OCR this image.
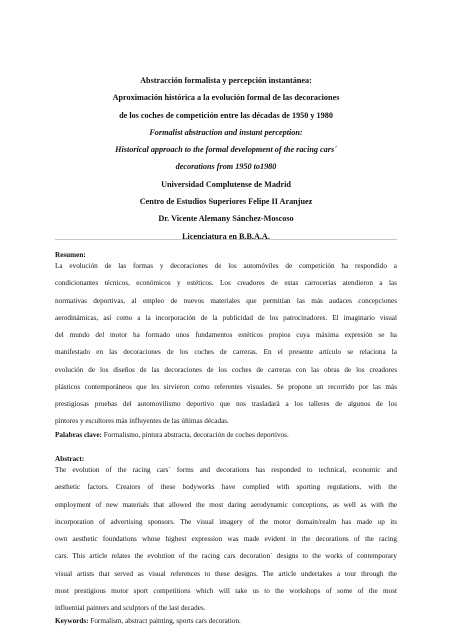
Abstracción formalista y percepción instantánea:
Aproximación histórica a la evolución formal de las decoraciones
de los coches de competición entre las décadas de 1950 y 1980
Formalist abstraction and instant perception:
Historical approach to the formal development of the racing cars´
decorations from 1950 to1980
Universidad Complutense de Madrid
Centro de Estudios Superiores Felipe II Aranjuez
Dr. Vicente Alemany Sánchez-Moscoso
Licenciatura en B.B.A.A.
Resumen:
La evolución de las formas y decoraciones de los automóviles de competición ha respondido a
condicionantes técnicos, económicos y estéticos. Los creadores de estas carrocerías atendieron a las
normativas deportivas, al empleo de nuevos materiales que permitían las más audaces concepciones
aerodinámicas, así como a la incorporación de la publicidad de los patrocinadores. El imaginario visual
del mundo del motor ha formado unos fundamentos estéticos propios cuya máxima expresión se ha
manifestado en las decoraciones de los coches de carreras. En el presente artículo se relaciona la
evolución de los diseños de las decoraciones de los coches de carreras con las obras de los creadores
plásticos contemporáneos que les sirvieron como referentes visuales. Se propone un recorrido por las más
prestigiosas pruebas del automovilismo deportivo que nos trasladará a los talleres de algunos de los
pintores y escultores más influyentes de las últimas décadas.
Palabras clave: Formalismo, pintura abstracta, decoración de coches deportivos.
Abstract:
The evolution of the racing cars´ forms and decorations has responded to technical, economic and
aesthetic factors. Creators of these bodyworks have complied with sporting regulations, with the
employment of new materials that allowed the most daring aerodynamic conceptions, as well as with the
incorporation of advertising sponsors. The visual imagery of the motor domain/realm has made up its
own aesthetic foundations whose highest expression was made evident in the decorations of the racing
cars. This article relates the evolution of the racing cars decoration´ designs to the works of contemporary
visual artists that served as visual references to these designs. The article undertakes a tour through the
most prestigious motor sport competitions which will take us to the workshops of some of the most
influential painters and sculptors of the last decades.
Keywords: Formalism, abstract painting, sports cars decoration.
